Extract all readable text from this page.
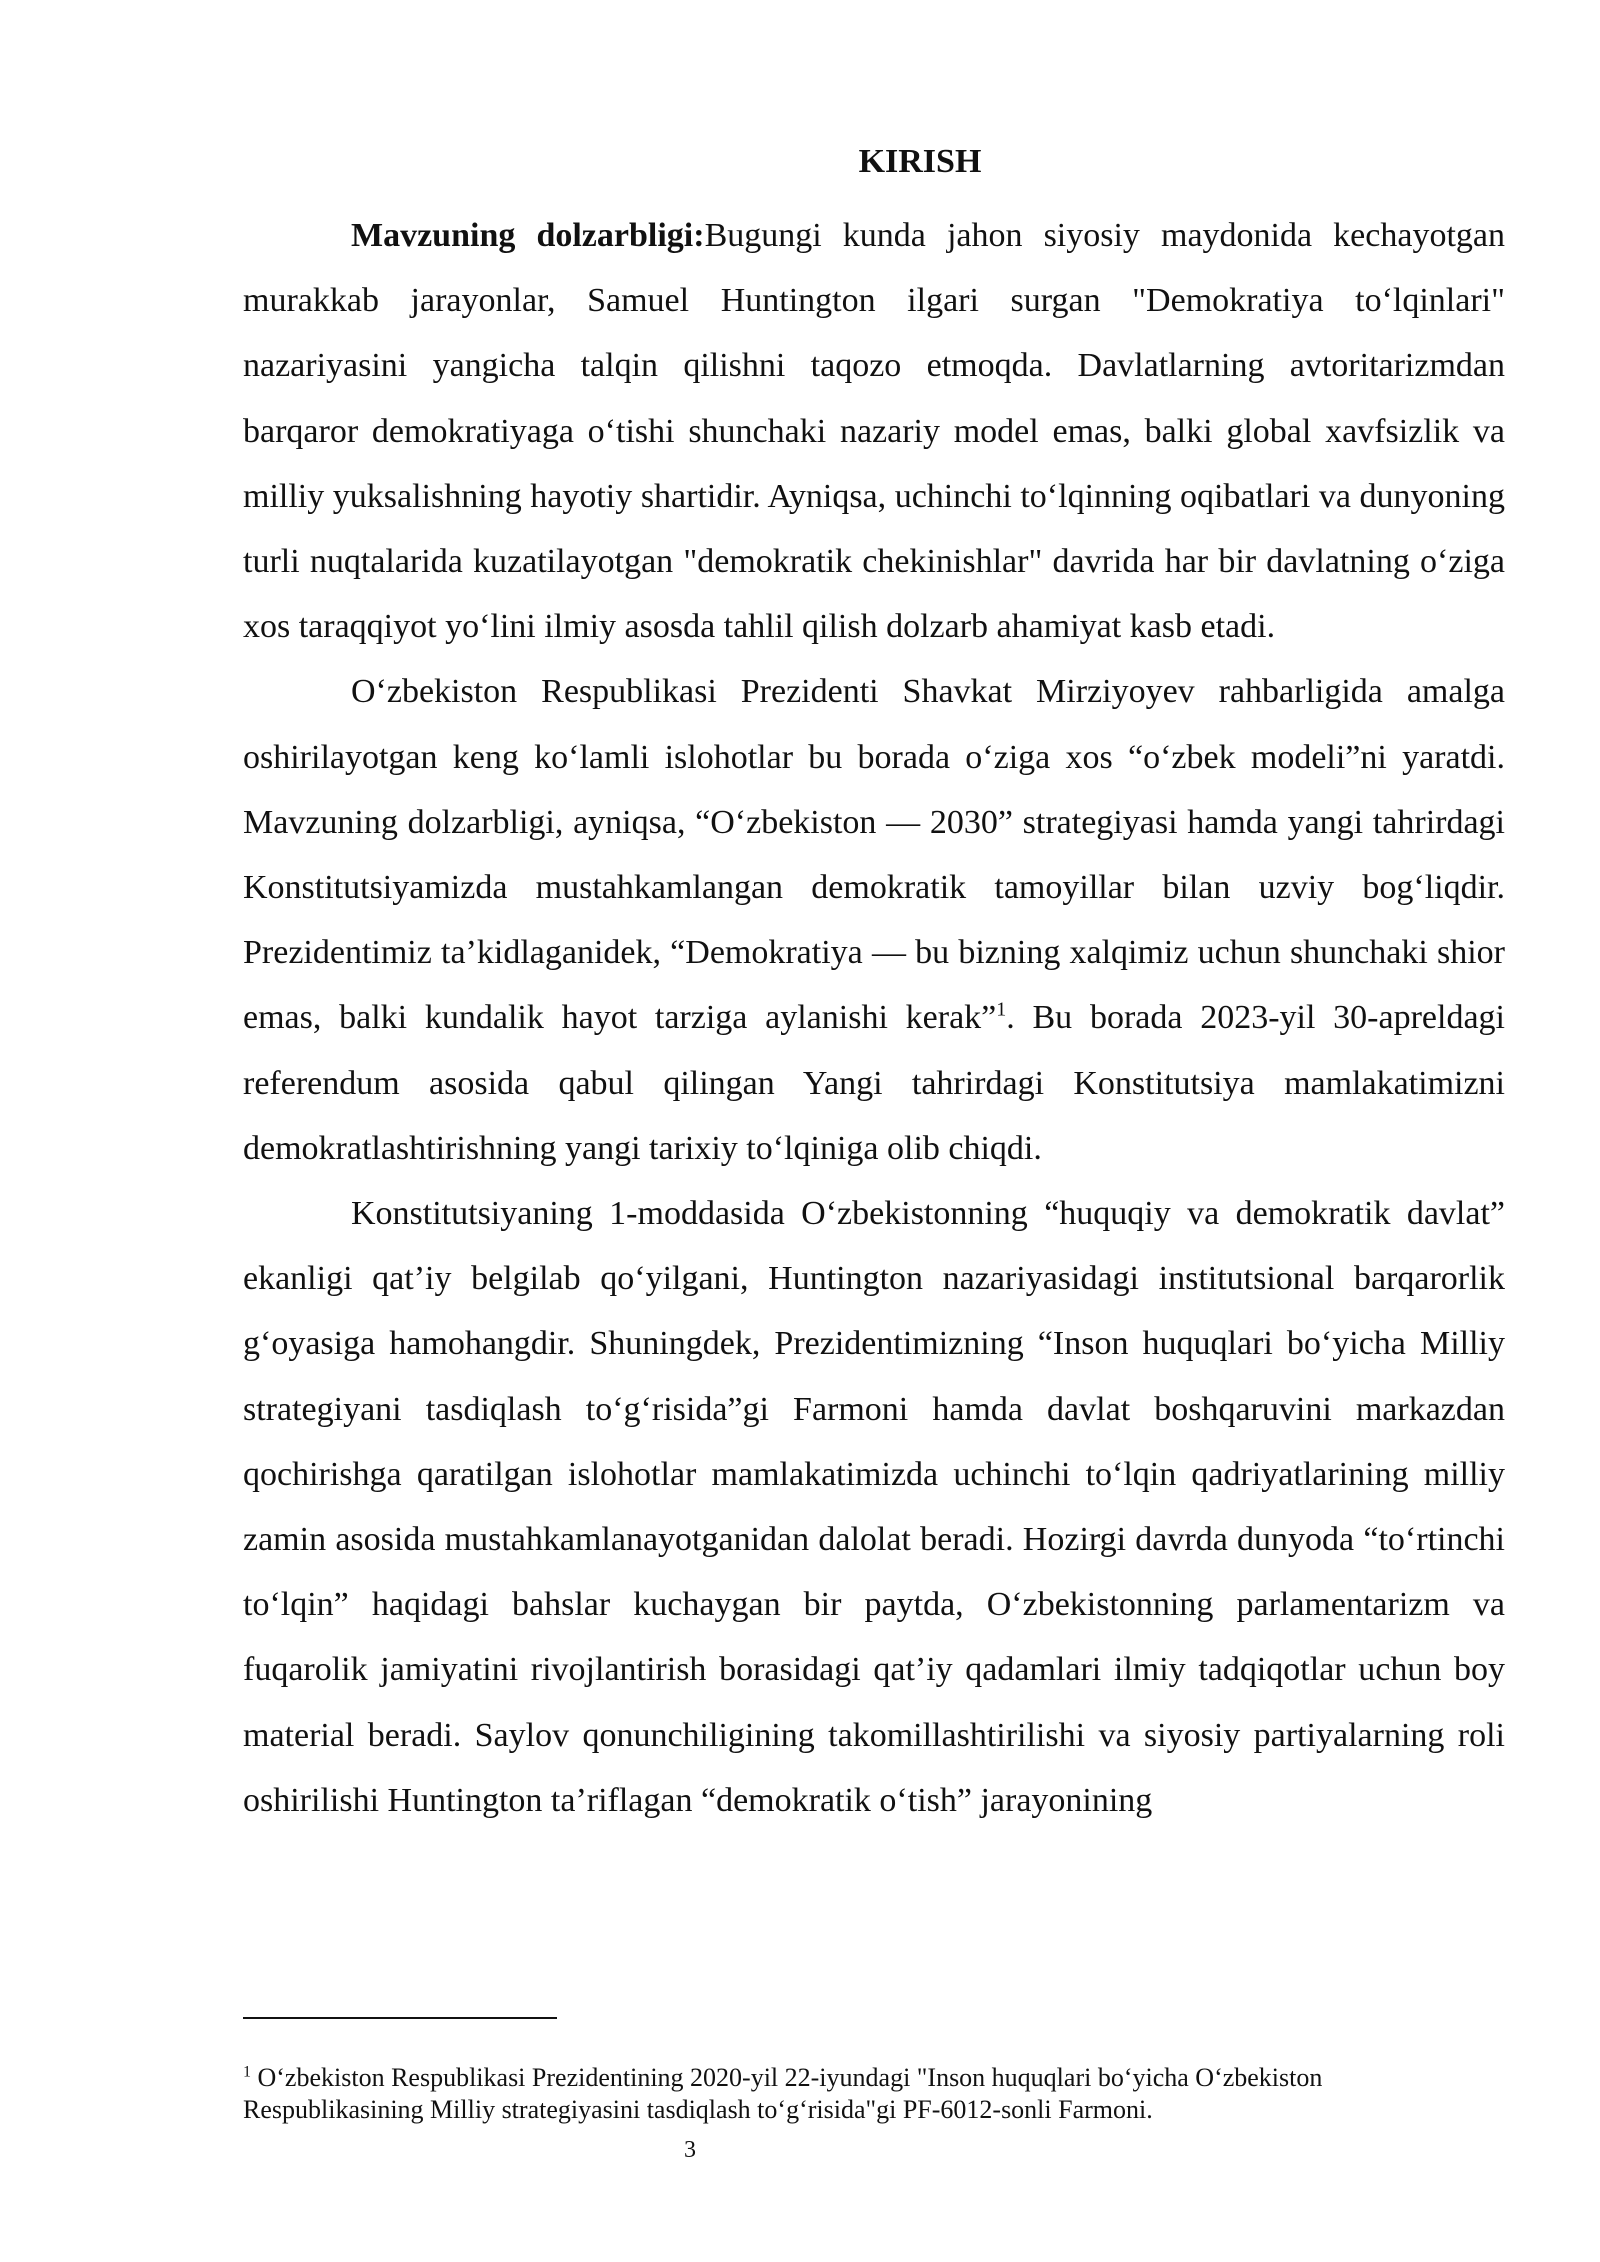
KIRISH

Mavzuning dolzarbligi:Bugungi kunda jahon siyosiy maydonida kechayotgan murakkab jarayonlar, Samuel Huntington ilgari surgan "Demokratiya to‘lqinlari" nazariyasini yangicha talqin qilishni taqozo etmoqda. Davlatlarning avtoritarizmdan barqaror demokratiyaga o‘tishi shunchaki nazariy model emas, balki global xavfsizlik va milliy yuksalishning hayotiy shartidir. Ayniqsa, uchinchi to‘lqinning oqibatlari va dunyoning turli nuqtalarida kuzatilayotgan "demokratik chekinishlar" davrida har bir davlatning o‘ziga xos taraqqiyot yo‘lini ilmiy asosda tahlil qilish dolzarb ahamiyat kasb etadi.

O‘zbekiston Respublikasi Prezidenti Shavkat Mirziyoyev rahbarligida amalga oshirilayotgan keng ko‘lamli islohotlar bu borada o‘ziga xos “o‘zbek modeli”ni yaratdi. Mavzuning dolzarbligi, ayniqsa, “O‘zbekiston — 2030” strategiyasi hamda yangi tahrirdagi Konstitutsiyamizda mustahkamlangan demokratik tamoyillar bilan uzviy bog‘liqdir. Prezidentimiz ta’kidlaganidek, “Demokratiya — bu bizning xalqimiz uchun shunchaki shior emas, balki kundalik hayot tarziga aylanishi kerak”$^1$. Bu borada 2023-yil 30-apreldagi referendum asosida qabul qilingan Yangi tahrirdagi Konstitutsiya mamlakatimizni demokratlashtirishning yangi tarixiy to‘lqiniga olib chiqdi.

Konstitutsiyaning 1-moddasida O‘zbekistonning “huquqiy va demokratik davlat” ekanligi qat’iy belgilab qo‘yilgani, Huntington nazariyasidagi institutsional barqarorlik g‘oyasiga hamohangdir. Shuningdek, Prezidentimizning “Inson huquqlari bo‘yicha Milliy strategiyani tasdiqlash to‘g‘risida”gi Farmoni hamda davlat boshqaruvini markazdan qochirishga qaratilgan islohotlar mamlakatimizda uchinchi to‘lqin qadriyatlarining milliy zamin asosida mustahkamlanayotganidan dalolat beradi. Hozirgi davrda dunyoda “to‘rtinchi to‘lqin” haqidagi bahslar kuchaygan bir paytda, O‘zbekistonning parlamentarizm va fuqarolik jamiyatini rivojlantirish borasidagi qat’iy qadamlari ilmiy tadqiqotlar uchun boy material beradi. Saylov qonunchiligining takomillashtirilishi va siyosiy partiyalarning roli oshirilishi Huntington ta’riflagan “demokratik o‘tish” jarayonining

$^1$ O‘zbekiston Respublikasi Prezidentining 2020-yil 22-iyundagi "Inson huquqlari bo‘yicha O‘zbekiston Respublikasining Milliy strategiyasini tasdiqlash to‘g‘risida"gi PF-6012-sonli Farmoni.

3
